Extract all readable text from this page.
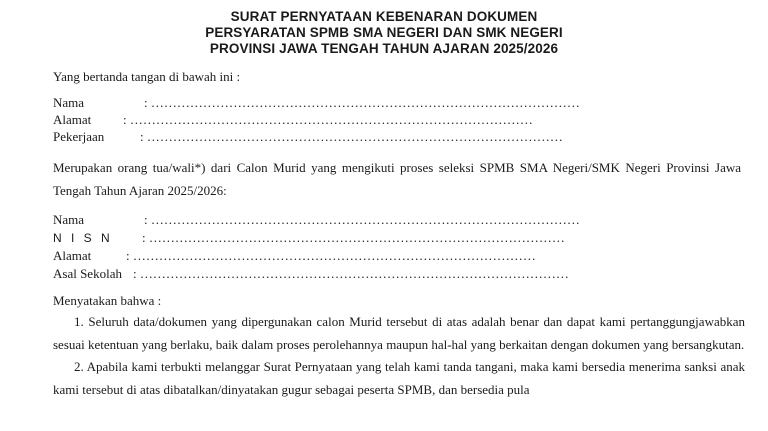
SURAT PERNYATAAN KEBENARAN DOKUMEN
PERSYARATAN SPMB SMA NEGERI DAN SMK NEGERI
PROVINSI JAWA TENGAH TAHUN AJARAN 2025/2026
Yang bertanda tangan di bawah ini :
Nama	: ………………………………………………………………………………………
Alamat : …………………………………………………………………………………
Pekerjaan	: ……………………………………………………………………………………

Merupakan orang tua/wali*) dari Calon Murid yang mengikuti proses seleksi SPMB SMA Negeri/SMK Negeri Provinsi Jawa Tengah Tahun Ajaran 2025/2026:

Nama	: ………………………………………………………………………………………
N I S N : ……………………………………………………………………………………
Alamat	: …………………………………………………………………………………
Asal Sekolah : ………………………………………………………………………………………
Menyatakan bahwa :

1. Seluruh data/dokumen yang dipergunakan calon Murid tersebut di atas adalah benar dan dapat kami pertanggungjawabkan sesuai ketentuan yang berlaku, baik dalam proses perolehannya maupun hal-hal yang berkaitan dengan dokumen yang bersangkutan.

2. Apabila kami terbukti melanggar Surat Pernyataan yang telah kami tanda tangani, maka kami bersedia menerima sanksi anak kami tersebut di atas dibatalkan/dinyatakan gugur sebagai peserta SPMB, dan bersedia pula
